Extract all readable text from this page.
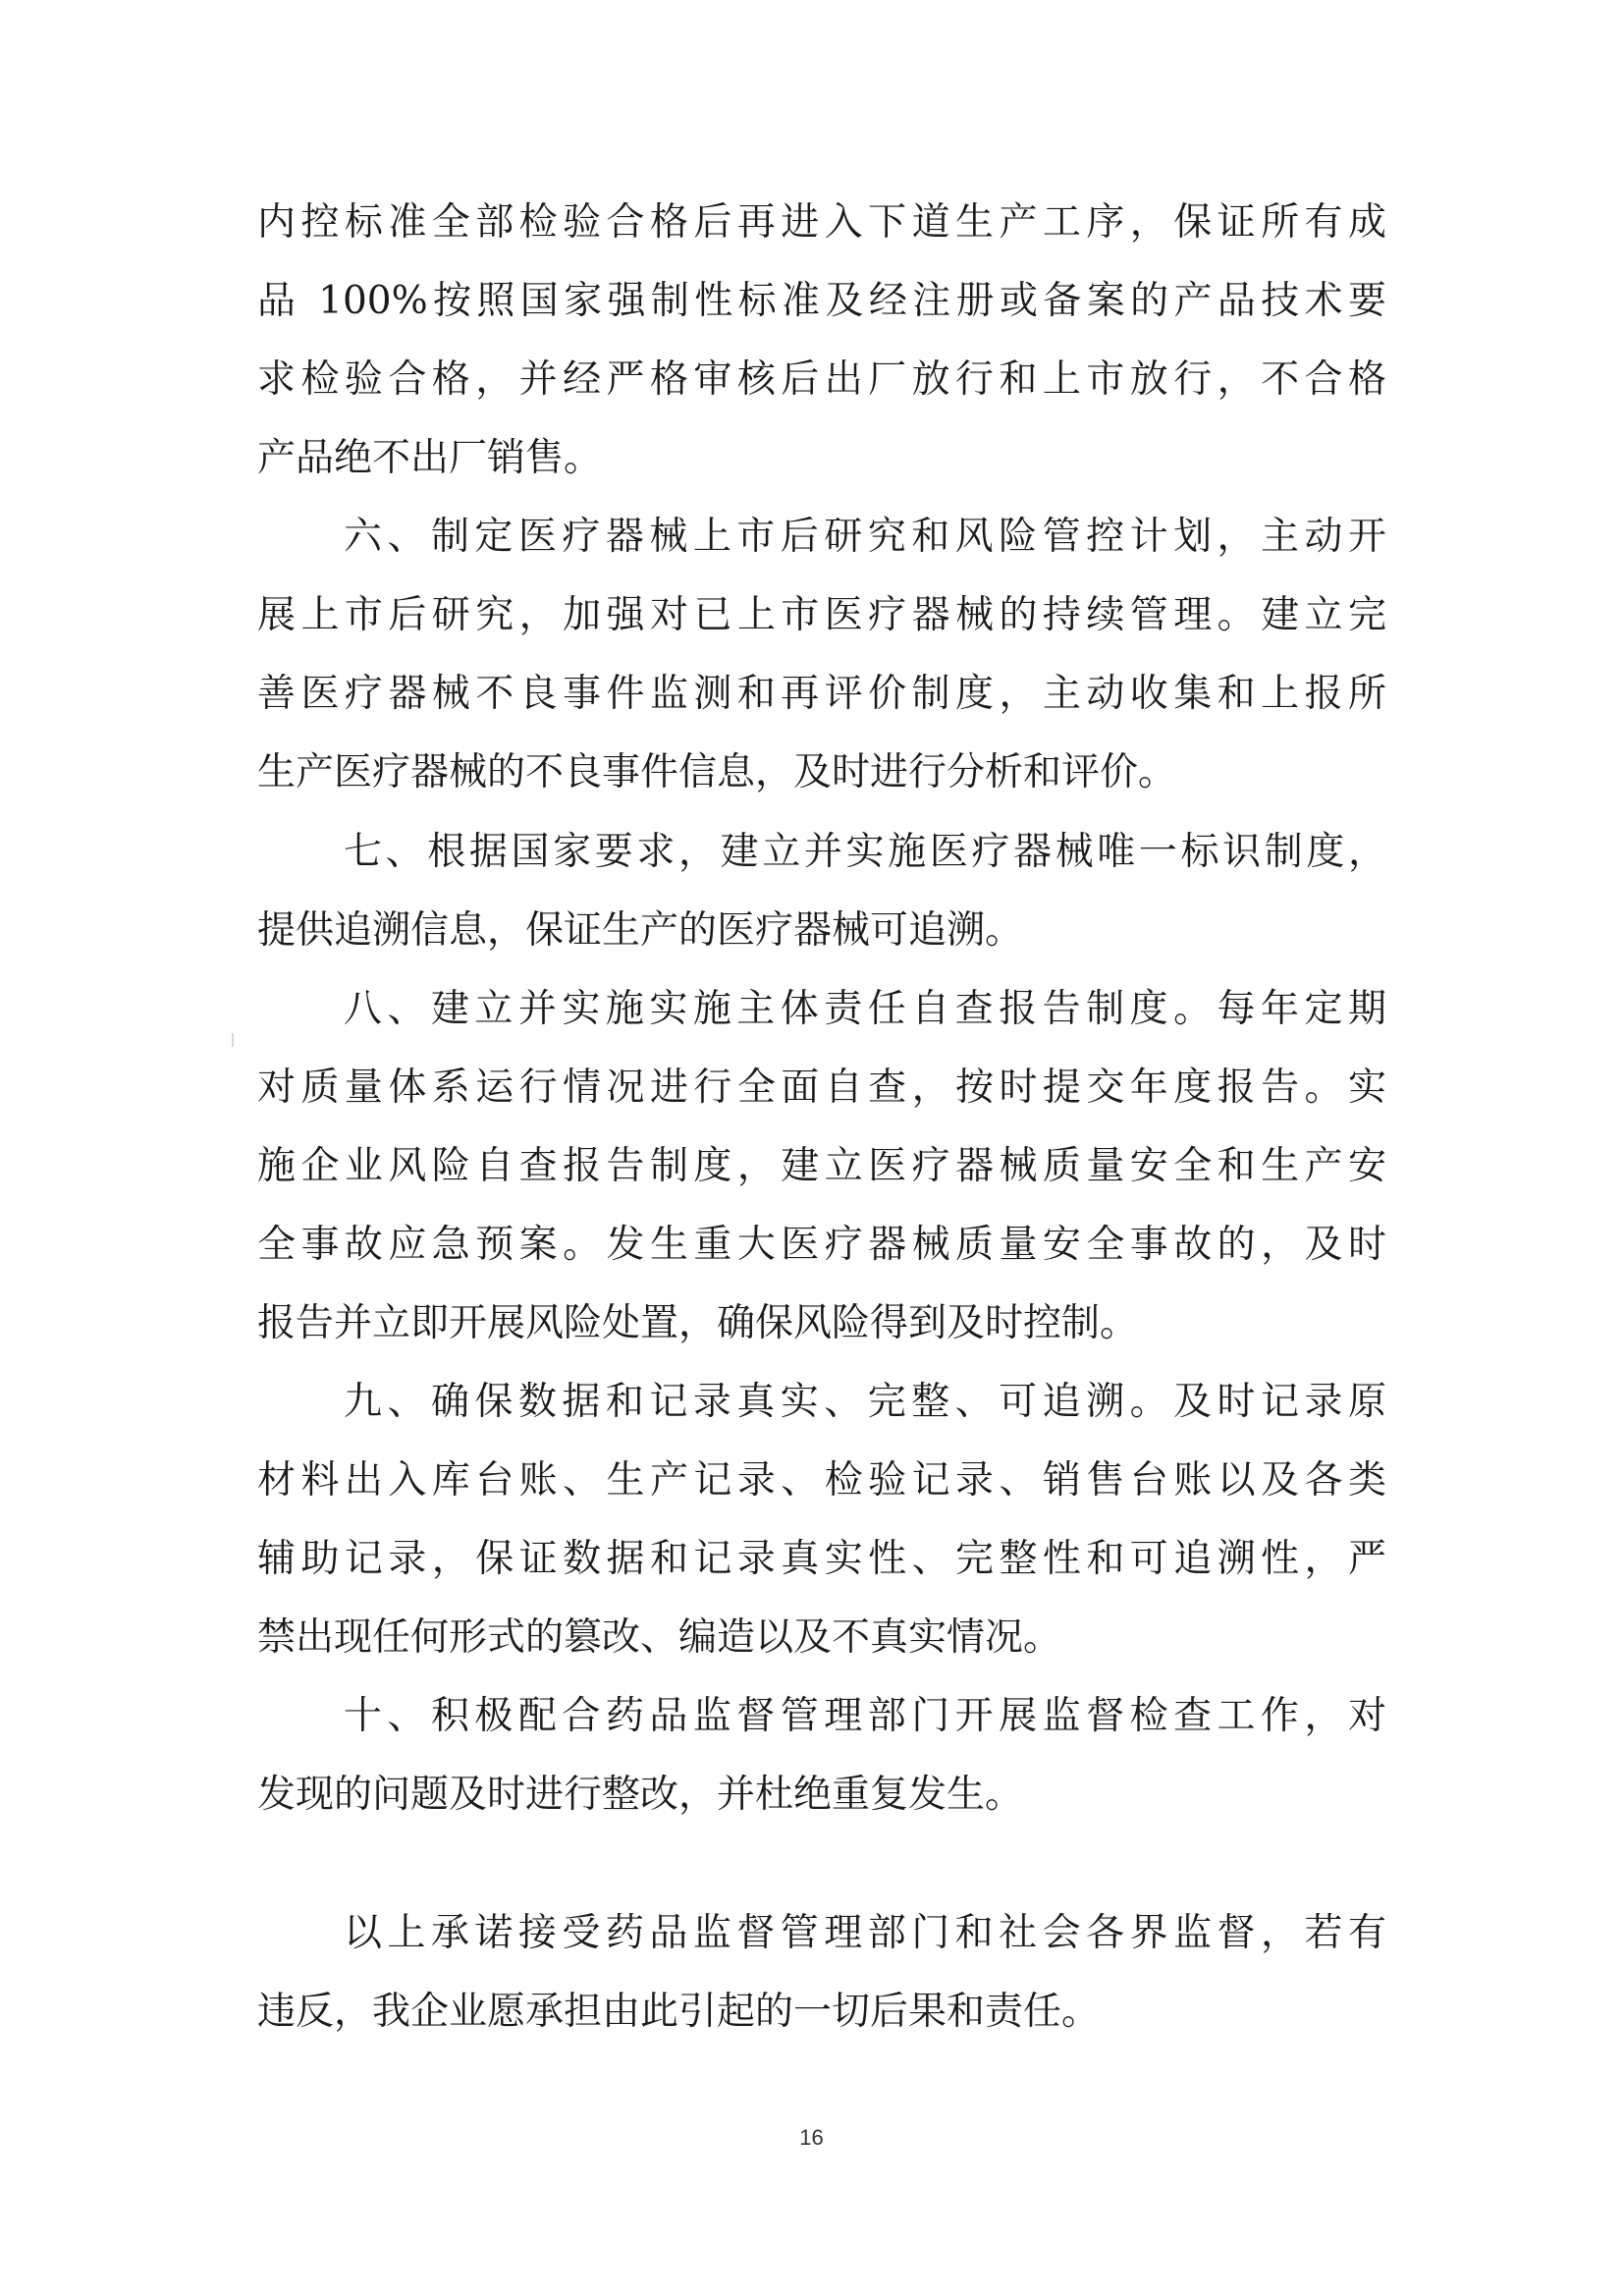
内控标准全部检验合格后再进入下道生产工序，保证所有成
品 100%按照国家强制性标准及经注册或备案的产品技术要
求检验合格，并经严格审核后出厂放行和上市放行，不合格
产品绝不出厂销售。
六、制定医疗器械上市后研究和风险管控计划，主动开
展上市后研究，加强对已上市医疗器械的持续管理。建立完
善医疗器械不良事件监测和再评价制度，主动收集和上报所
生产医疗器械的不良事件信息，及时进行分析和评价。
七、根据国家要求，建立并实施医疗器械唯一标识制度，
提供追溯信息，保证生产的医疗器械可追溯。
八、建立并实施实施主体责任自查报告制度。每年定期
对质量体系运行情况进行全面自查，按时提交年度报告。实
施企业风险自查报告制度，建立医疗器械质量安全和生产安
全事故应急预案。发生重大医疗器械质量安全事故的，及时
报告并立即开展风险处置，确保风险得到及时控制。
九、确保数据和记录真实、完整、可追溯。及时记录原
材料出入库台账、生产记录、检验记录、销售台账以及各类
辅助记录，保证数据和记录真实性、完整性和可追溯性，严
禁出现任何形式的篡改、编造以及不真实情况。
十、积极配合药品监督管理部门开展监督检查工作，对
发现的问题及时进行整改，并杜绝重复发生。
以上承诺接受药品监督管理部门和社会各界监督，若有
违反，我企业愿承担由此引起的一切后果和责任。
16
